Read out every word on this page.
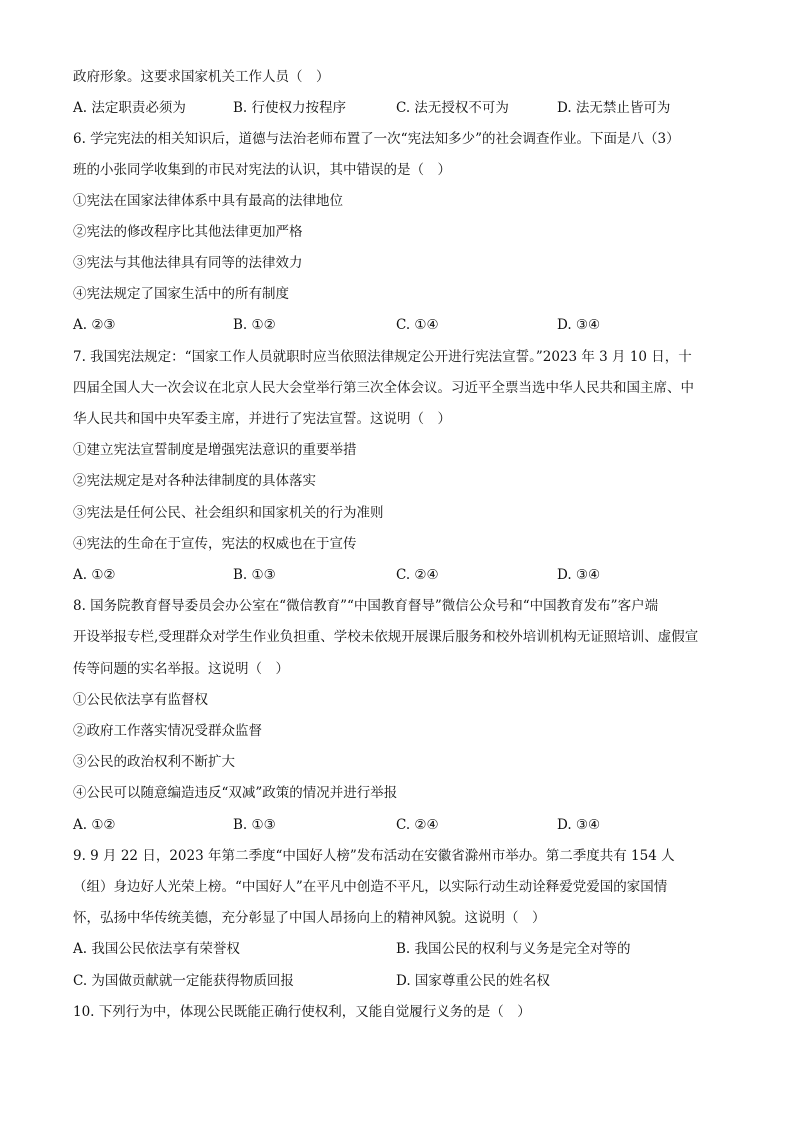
政府形象。这要求国家机关工作人员（　）
A. 法定职责必须为	B. 行使权力按程序	C. 法无授权不可为	D. 法无禁止皆可为
6. 学完宪法的相关知识后，道德与法治老师布置了一次“宪法知多少”的社会调查作业。下面是八（3）
班的小张同学收集到的市民对宪法的认识，其中错误的是（　）
①宪法在国家法律体系中具有最高的法律地位
②宪法的修改程序比其他法律更加严格
③宪法与其他法律具有同等的法律效力
④宪法规定了国家生活中的所有制度
A. ②③	B. ①②	C. ①④	D. ③④
7. 我国宪法规定：“国家工作人员就职时应当依照法律规定公开进行宪法宣誓。”2023 年 3 月 10 日，十
四届全国人大一次会议在北京人民大会堂举行第三次全体会议。习近平全票当选中华人民共和国主席、中
华人民共和国中央军委主席，并进行了宪法宣誓。这说明（　）
①建立宪法宣誓制度是增强宪法意识的重要举措
②宪法规定是对各种法律制度的具体落实
③宪法是任何公民、社会组织和国家机关的行为准则
④宪法的生命在于宣传，宪法的权威也在于宣传
A. ①②	B. ①③	C. ②④	D. ③④
8. 国务院教育督导委员会办公室在“微信教育”“中国教育督导”微信公众号和“中国教育发布”客户端
开设举报专栏,受理群众对学生作业负担重、学校未依规开展课后服务和校外培训机构无证照培训、虚假宣
传等问题的实名举报。这说明（　）
①公民依法享有监督权
②政府工作落实情况受群众监督
③公民的政治权利不断扩大
④公民可以随意编造违反“双减”政策的情况并进行举报
A. ①②	B. ①③	C. ②④	D. ③④
9. 9 月 22 日，2023 年第二季度“中国好人榜”发布活动在安徽省滁州市举办。第二季度共有 154 人
（组）身边好人光荣上榜。“中国好人”在平凡中创造不平凡，以实际行动生动诠释爱党爱国的家国情
怀，弘扬中华传统美德，充分彰显了中国人昂扬向上的精神风貌。这说明（　）
A. 我国公民依法享有荣誉权	B. 我国公民的权利与义务是完全对等的
C. 为国做贡献就一定能获得物质回报	D. 国家尊重公民的姓名权
10. 下列行为中，体现公民既能正确行使权利，又能自觉履行义务的是（　）
